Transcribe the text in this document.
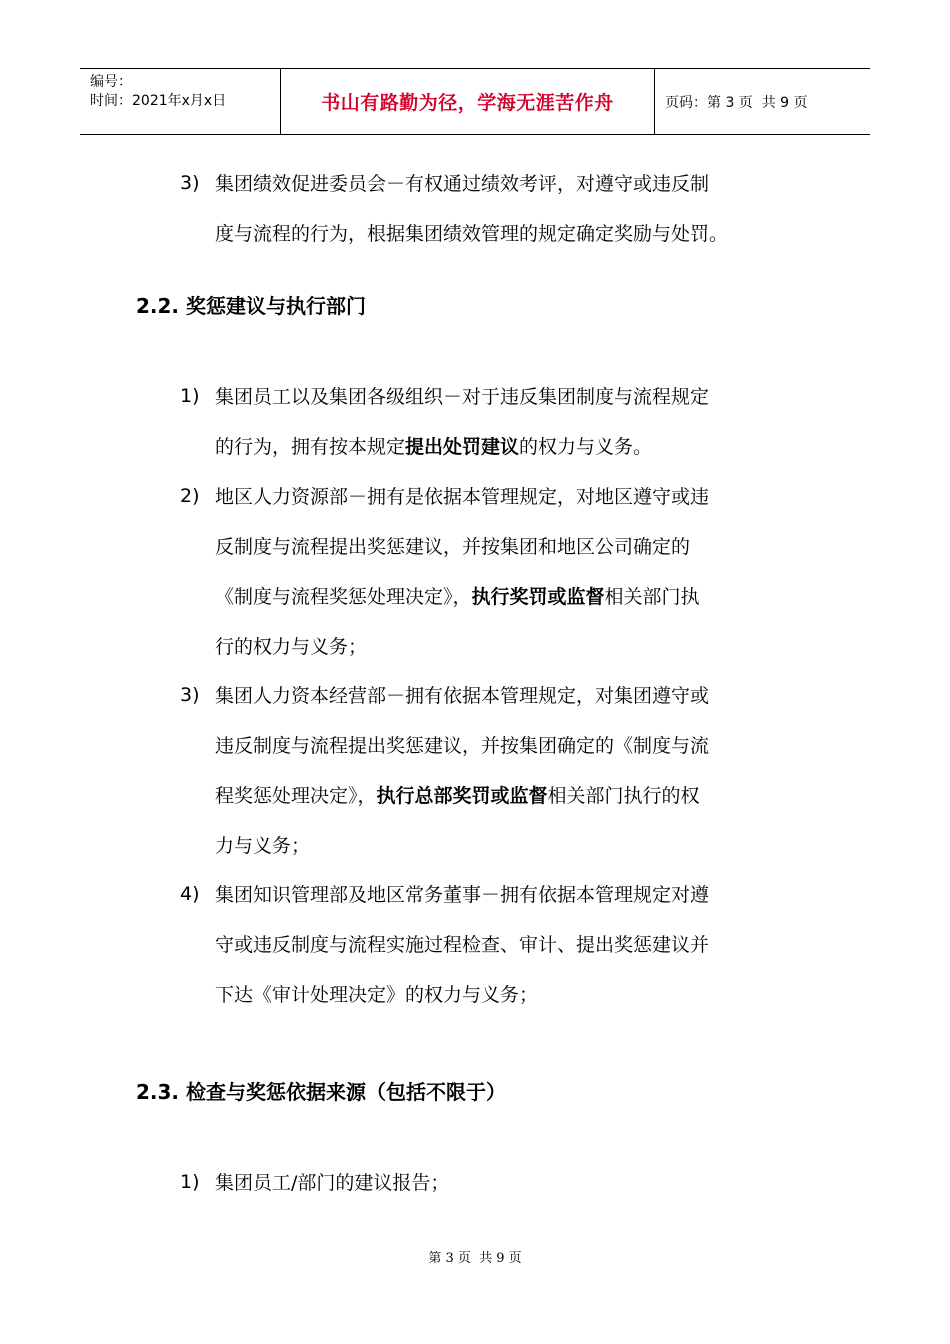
编号：
时间：2021年x月x日	书山有路勤为径，学海无涯苦作舟	页码：第 3 页  共 9 页
3) 集团绩效促进委员会－有权通过绩效考评，对遵守或违反制
度与流程的行为，根据集团绩效管理的规定确定奖励与处罚。
2.2. 奖惩建议与执行部门
1) 集团员工以及集团各级组织－对于违反集团制度与流程规定
的行为，拥有按本规定提出处罚建议的权力与义务。
2) 地区人力资源部－拥有是依据本管理规定，对地区遵守或违
反制度与流程提出奖惩建议，并按集团和地区公司确定的
《制度与流程奖惩处理决定》，执行奖罚或监督相关部门执
行的权力与义务；
3) 集团人力资本经营部－拥有依据本管理规定，对集团遵守或
违反制度与流程提出奖惩建议，并按集团确定的《制度与流
程奖惩处理决定》，执行总部奖罚或监督相关部门执行的权
力与义务；
4) 集团知识管理部及地区常务董事－拥有依据本管理规定对遵
守或违反制度与流程实施过程检查、审计、提出奖惩建议并
下达《审计处理决定》的权力与义务；
2.3. 检查与奖惩依据来源（包括不限于）
1) 集团员工/部门的建议报告；
第 3 页  共 9 页
